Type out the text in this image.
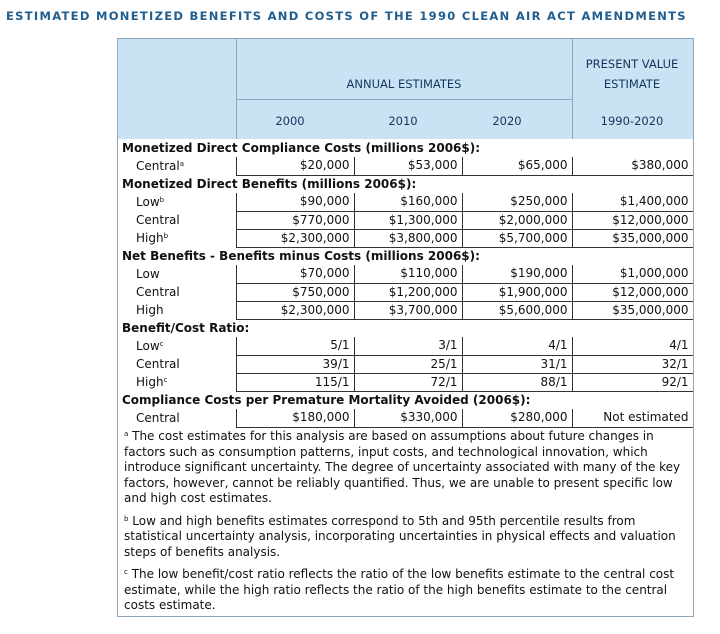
ESTIMATED MONETIZED BENEFITS AND COSTS OF THE 1990 CLEAN AIR ACT AMENDMENTS
ANNUAL ESTIMATES
PRESENT VALUE
ESTIMATE
2000	2010	2020	1990-2020
Monetized Direct Compliance Costs (millions 2006$):				
Central$^a$	$20,000	$53,000	$65,000	$380,000
Monetized Direct Benefits (millions 2006$):				
Low$^b$	$90,000	$160,000	$250,000	$1,400,000
Central	$770,000	$1,300,000	$2,000,000	$12,000,000
High$^b$	$2,300,000	$3,800,000	$5,700,000	$35,000,000
Net Benefits - Benefits minus Costs (millions 2006$):				
Low	$70,000	$110,000	$190,000	$1,000,000
Central	$750,000	$1,200,000	$1,900,000	$12,000,000
High	$2,300,000	$3,700,000	$5,600,000	$35,000,000
Benefit/Cost Ratio:				
Low$^c$	5/1	3/1	4/1	4/1
Central	39/1	25/1	31/1	32/1
High$^c$	115/1	72/1	88/1	92/1
Compliance Costs per Premature Mortality Avoided (2006$):				
Central	$180,000	$330,000	$280,000	Not estimated
$^a$ The cost estimates for this analysis are based on assumptions about future changes in factors such as consumption patterns, input costs, and technological innovation, which introduce significant uncertainty. The degree of uncertainty associated with many of the key factors, however, cannot be reliably quantified. Thus, we are unable to present specific low and high cost estimates.
$^b$ Low and high benefits estimates correspond to 5th and 95th percentile results from statistical uncertainty analysis, incorporating uncertainties in physical effects and valuation steps of benefits analysis.
$^c$ The low benefit/cost ratio reflects the ratio of the low benefits estimate to the central cost estimate, while the high ratio reflects the ratio of the high benefits estimate to the central costs estimate.
